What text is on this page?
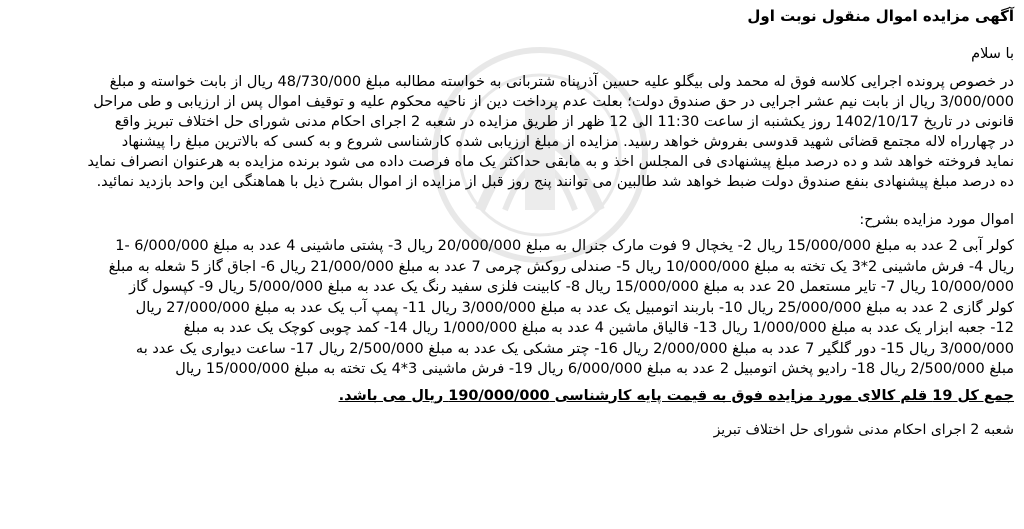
آگهی مزایده اموال منقول نوبت اول
با سلام
در خصوص پرونده اجرایی کلاسه فوق له محمد ولی بیگلو علیه حسین آذرپناه شتربانی به خواسته مطالبه مبلغ 48/730/000 ریال از بابت خواسته و مبلغ
3/000/000 ریال از بابت نیم عشر اجرایی در حق صندوق دولت؛ بعلت عدم پرداخت دین از ناحیه محکوم علیه و توقیف اموال پس از ارزیابی و طی مراحل
قانونی در تاریخ 1402/10/17 روز یکشنبه از ساعت 11:30 الی 12 ظهر از طریق مزایده در شعبه 2 اجرای احکام مدنی شورای حل اختلاف تبریز واقع
در چهارراه لاله مجتمع قضائی شهید قدوسی بفروش خواهد رسید. مزایده از مبلغ ارزیابی شده کارشناسی شروع و به کسی که بالاترین مبلغ را پیشنهاد
نماید فروخته خواهد شد و ده درصد مبلغ پیشنهادی فی المجلس اخذ و به مابقی حداکثر یک ماه فرصت داده می شود برنده مزایده به هرعنوان انصراف نماید
ده درصد مبلغ پیشنهادی بنفع صندوق دولت ضبط خواهد شد طالبین می توانند پنج روز قبل از مزایده از اموال بشرح ذیل با هماهنگی این واحد بازدید نمائید.
اموال مورد مزایده بشرح:
کولر آبی 2 عدد به مبلغ 15/000/000 ریال 2- یخچال 9 فوت مارک جنرال به مبلغ 20/000/000 ریال 3- پشتی ماشینی 4 عدد به مبلغ 6/000/000 -1
ریال 4- فرش ماشینی 2*3 یک تخته به مبلغ 10/000/000 ریال 5- صندلی روکش چرمی 7 عدد به مبلغ 21/000/000 ریال 6- اجاق گاز 5 شعله به مبلغ
10/000/000 ریال 7- تایر مستعمل 20 عدد به مبلغ 15/000/000 ریال 8- کابینت فلزی سفید رنگ یک عدد به مبلغ 5/000/000 ریال 9- کپسول گاز
کولر گازی 2 عدد به مبلغ 25/000/000 ریال 10- باربند اتومبیل یک عدد به مبلغ 3/000/000 ریال 11- پمپ آب یک عدد به مبلغ 27/000/000 ریال
12- جعبه ابزار یک عدد به مبلغ 1/000/000 ریال 13- قالیاق ماشین 4 عدد به مبلغ 1/000/000 ریال 14- کمد چوبی کوچک یک عدد به مبلغ
3/000/000 ریال 15- دور گلگیر 7 عدد به مبلغ 2/000/000 ریال 16- چتر مشکی یک عدد به مبلغ 2/500/000 ریال 17- ساعت دیواری یک عدد به
مبلغ 2/500/000 ریال 18- رادیو پخش اتومبیل 2 عدد به مبلغ 6/000/000 ریال 19- فرش ماشینی 3*4 یک تخته به مبلغ 15/000/000 ریال
جمع کل 19 قلم کالای مورد مزایده فوق به قیمت پایه کارشناسی 190/000/000 ریال می باشد.
شعبه 2 اجرای احکام مدنی شورای حل اختلاف تبریز
